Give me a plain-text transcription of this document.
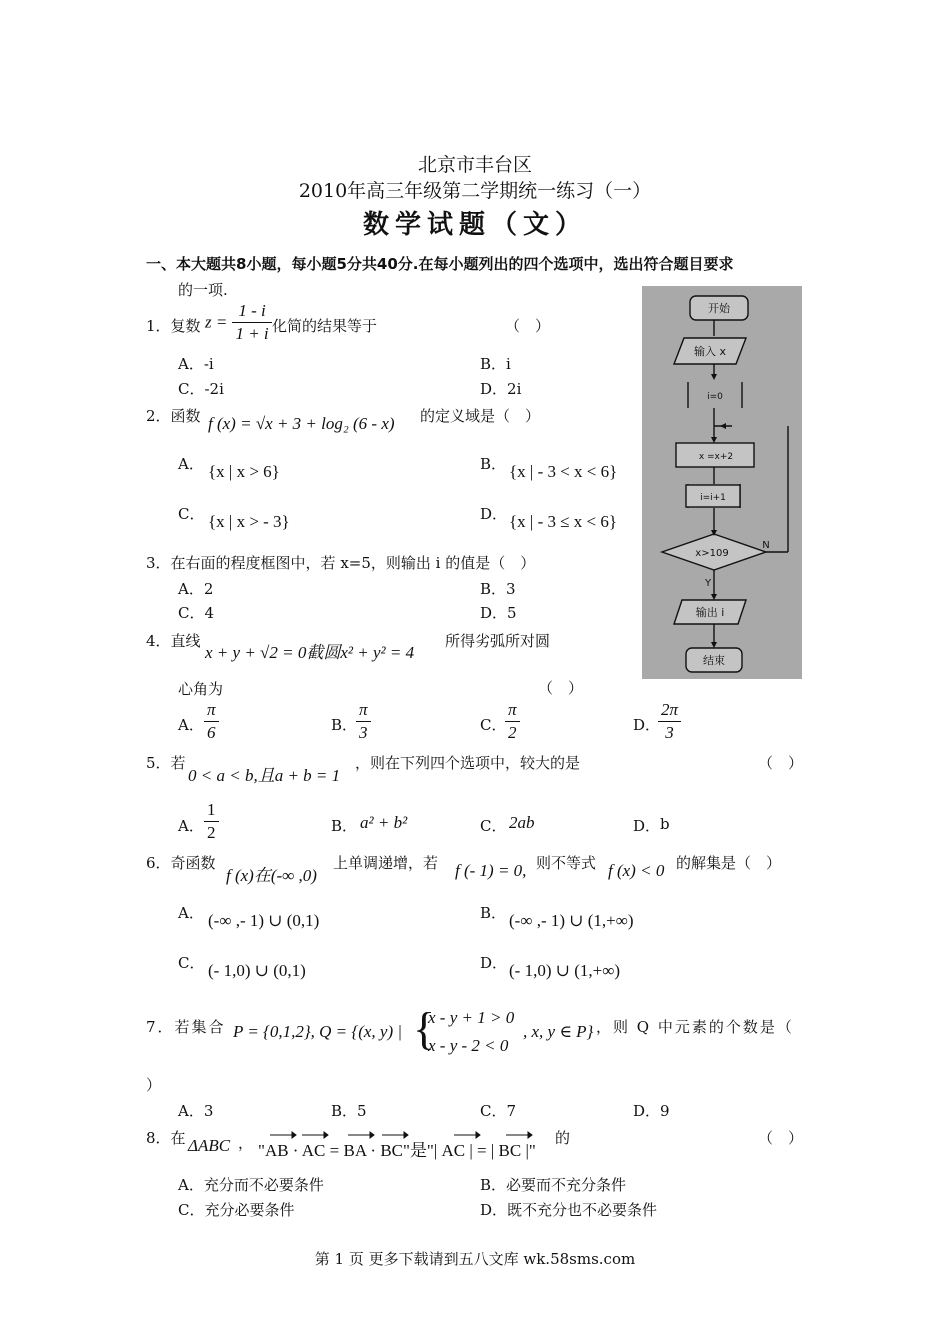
北京市丰台区
2010年高三年级第二学期统一练习（一）
数学试题（文）
一、本大题共8小题，每小题5分共40分.在每小题列出的四个选项中，选出符合题目要求
的一项.
1．复数 $z = \frac{1 - i}{1 + i}$ 化简的结果等于	（　）
A．-i	B．i
C．-2i	D．2i
2．函数 f (x) = √x + 3 + log₂ (6 - x) 的定义域是（　）
A． {x | x > 6}	B． {x | - 3 < x < 6}
C． {x | x > - 3}	D． {x | - 3 ≤ x < 6}
3．在右面的程度框图中，若 x=5，则输出 i 的值是（　）
A．2	B．3
C．4	D．5
4．直线
x + y + √2 = 0截圆x² + y² = 4
所得劣弧所对圆
心角为	（　）
A． $\frac{\pi}{6}$	B．
$\frac{\pi}{3}$	C．
$\frac{\pi}{2}$	D．
$\frac{2\pi}{3}$
5．若
0 < a < b,且a + b = 1
，则在下列四个选项中，较大的是	（　）
A． $\frac{1}{2}$	B． a² + b²	C． 2ab	D． b
6．奇函数
f (x)在(-∞ ,0)
上单调递增，若 f (- 1) = 0, 则不等式 f (x) < 0 的解集是（　）
A． (-∞ ,- 1) ∪ (0,1)	B． (-∞ ,- 1) ∪ (1,+∞)
C． (- 1,0) ∪ (0,1)	D． (- 1,0) ∪ (1,+∞)
7．若集合 P = {0,1,2}, Q = {(x, y) | {
x - y + 1 > 0
x - y - 2 < 0
, x, y ∈ P} ，则 Q 中元素的个数是（
）
A．3	B．5	C．7	D．9
8．在 ΔABC ， "AB · AC = BA · BC"是"| AC | = | BC |"
的	（　）
A．充分而不必要条件	B．必要而不充分条件
C．充分必要条件	D．既不充分也不必要条件
开始
输入 x
i=0
x =x+2
i=i+1
x>109
N
Y
输出 i
结束
第 1 页 更多下载请到五八文库 wk.58sms.com
